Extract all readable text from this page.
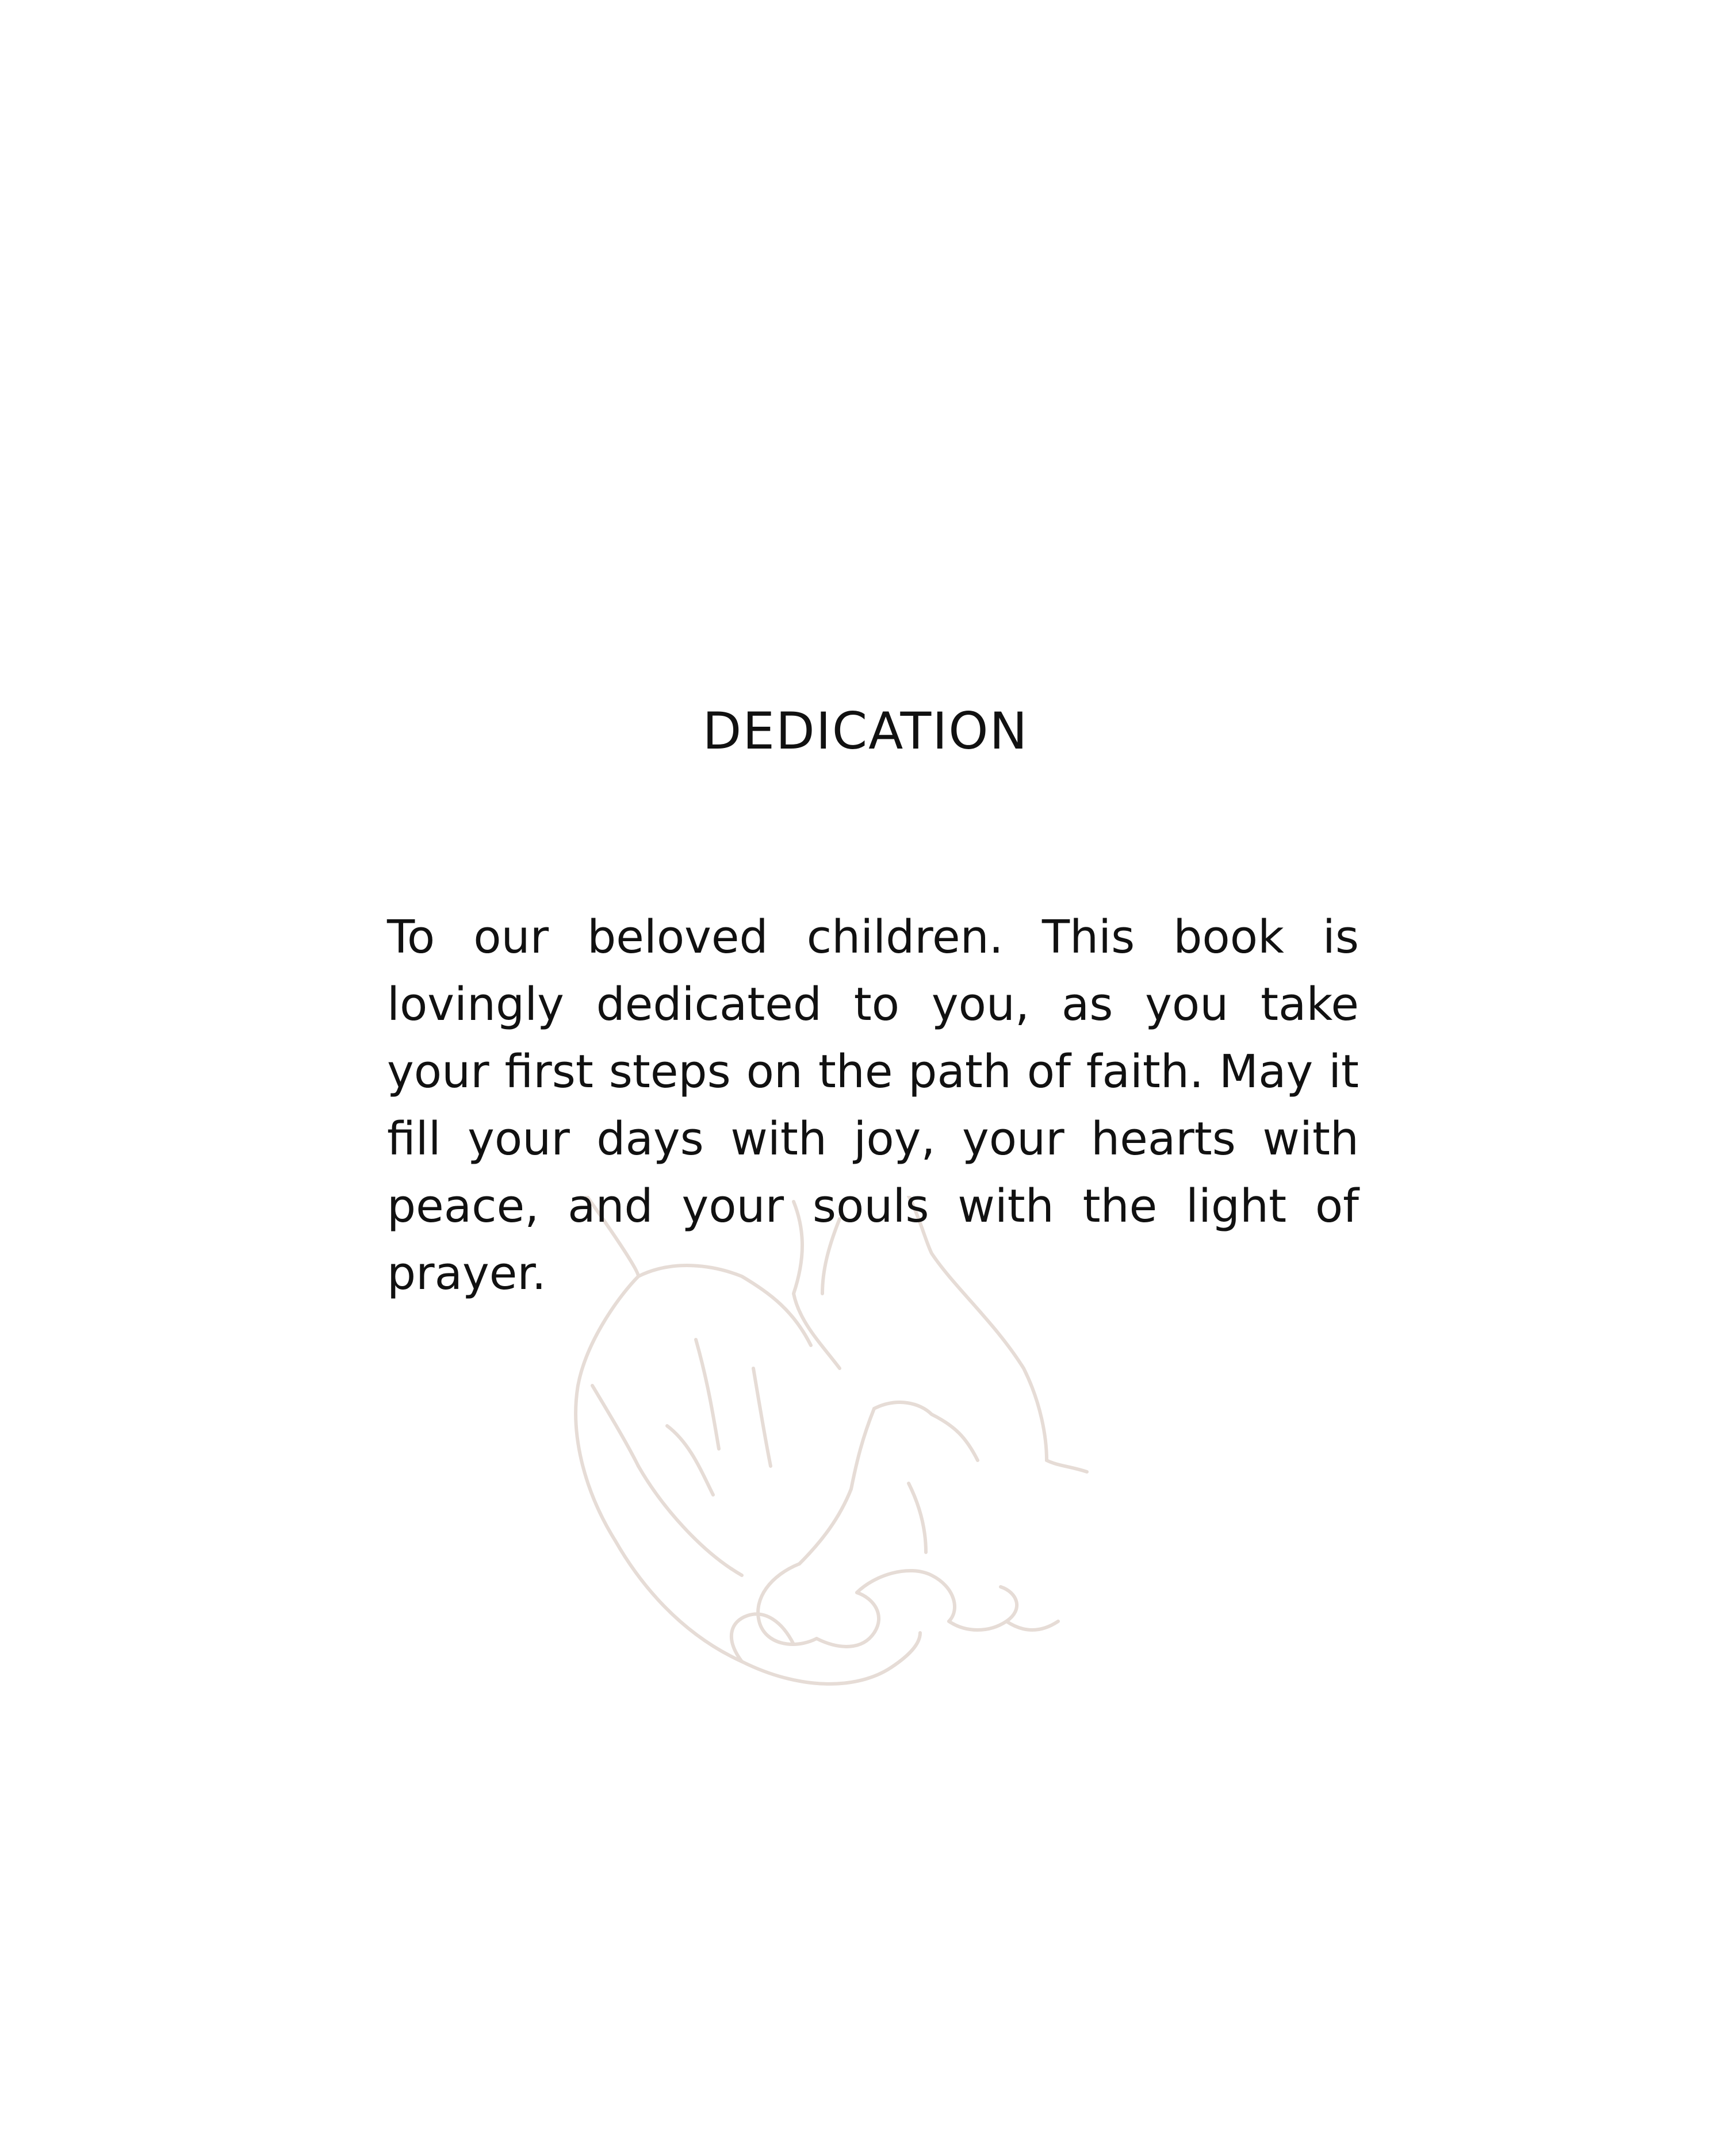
DEDICATION
To our beloved children. This book is lovingly dedicated to you, as you take your first steps on the path of faith. May it fill your days with joy, your hearts with peace, and your souls with the light of prayer.
